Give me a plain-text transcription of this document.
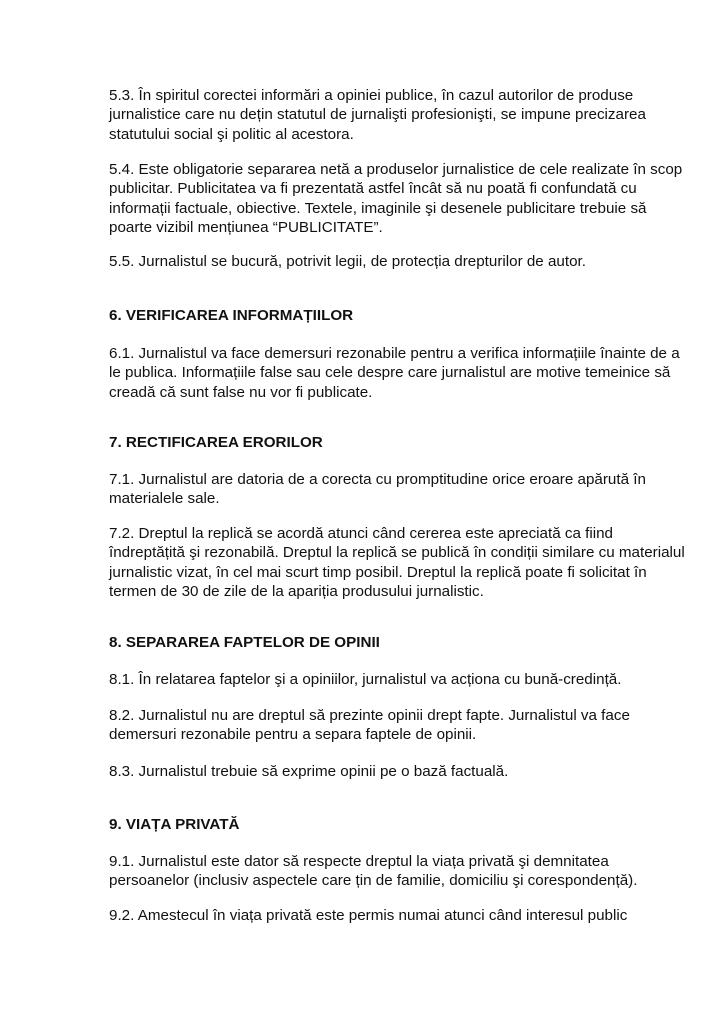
5.3. În spiritul corectei informări a opiniei publice, în cazul autorilor de produse
jurnalistice care nu dețin statutul de jurnalişti profesionişti, se impune precizarea
statutului social şi politic al acestora.

5.4. Este obligatorie separarea netă a produselor jurnalistice de cele realizate în scop
publicitar. Publicitatea va fi prezentată astfel încât să nu poată fi confundată cu
informații factuale, obiective. Textele, imaginile şi desenele publicitare trebuie să
poarte vizibil mențiunea “PUBLICITATE”.

5.5. Jurnalistul se bucură, potrivit legii, de protecția drepturilor de autor.

6. VERIFICAREA INFORMAȚIILOR

6.1. Jurnalistul va face demersuri rezonabile pentru a verifica informațiile înainte de a
le publica. Informațiile false sau cele despre care jurnalistul are motive temeinice să
creadă că sunt false nu vor fi publicate.

7. RECTIFICAREA ERORILOR

7.1. Jurnalistul are datoria de a corecta cu promptitudine orice eroare apărută în
materialele sale.

7.2. Dreptul la replică se acordă atunci când cererea este apreciată ca fiind
îndreptățită şi rezonabilă. Dreptul la replică se publică în condiții similare cu materialul
jurnalistic vizat, în cel mai scurt timp posibil. Dreptul la replică poate fi solicitat în
termen de 30 de zile de la apariția produsului jurnalistic.

8. SEPARAREA FAPTELOR DE OPINII

8.1. În relatarea faptelor şi a opiniilor, jurnalistul va acționa cu bună-credință.

8.2. Jurnalistul nu are dreptul să prezinte opinii drept fapte. Jurnalistul va face
demersuri rezonabile pentru a separa faptele de opinii.

8.3. Jurnalistul trebuie să exprime opinii pe o bază factuală.

9. VIAȚA PRIVATĂ

9.1. Jurnalistul este dator să respecte dreptul la viața privată şi demnitatea
persoanelor (inclusiv aspectele care țin de familie, domiciliu şi corespondență).

9.2. Amestecul în viața privată este permis numai atunci când interesul public
